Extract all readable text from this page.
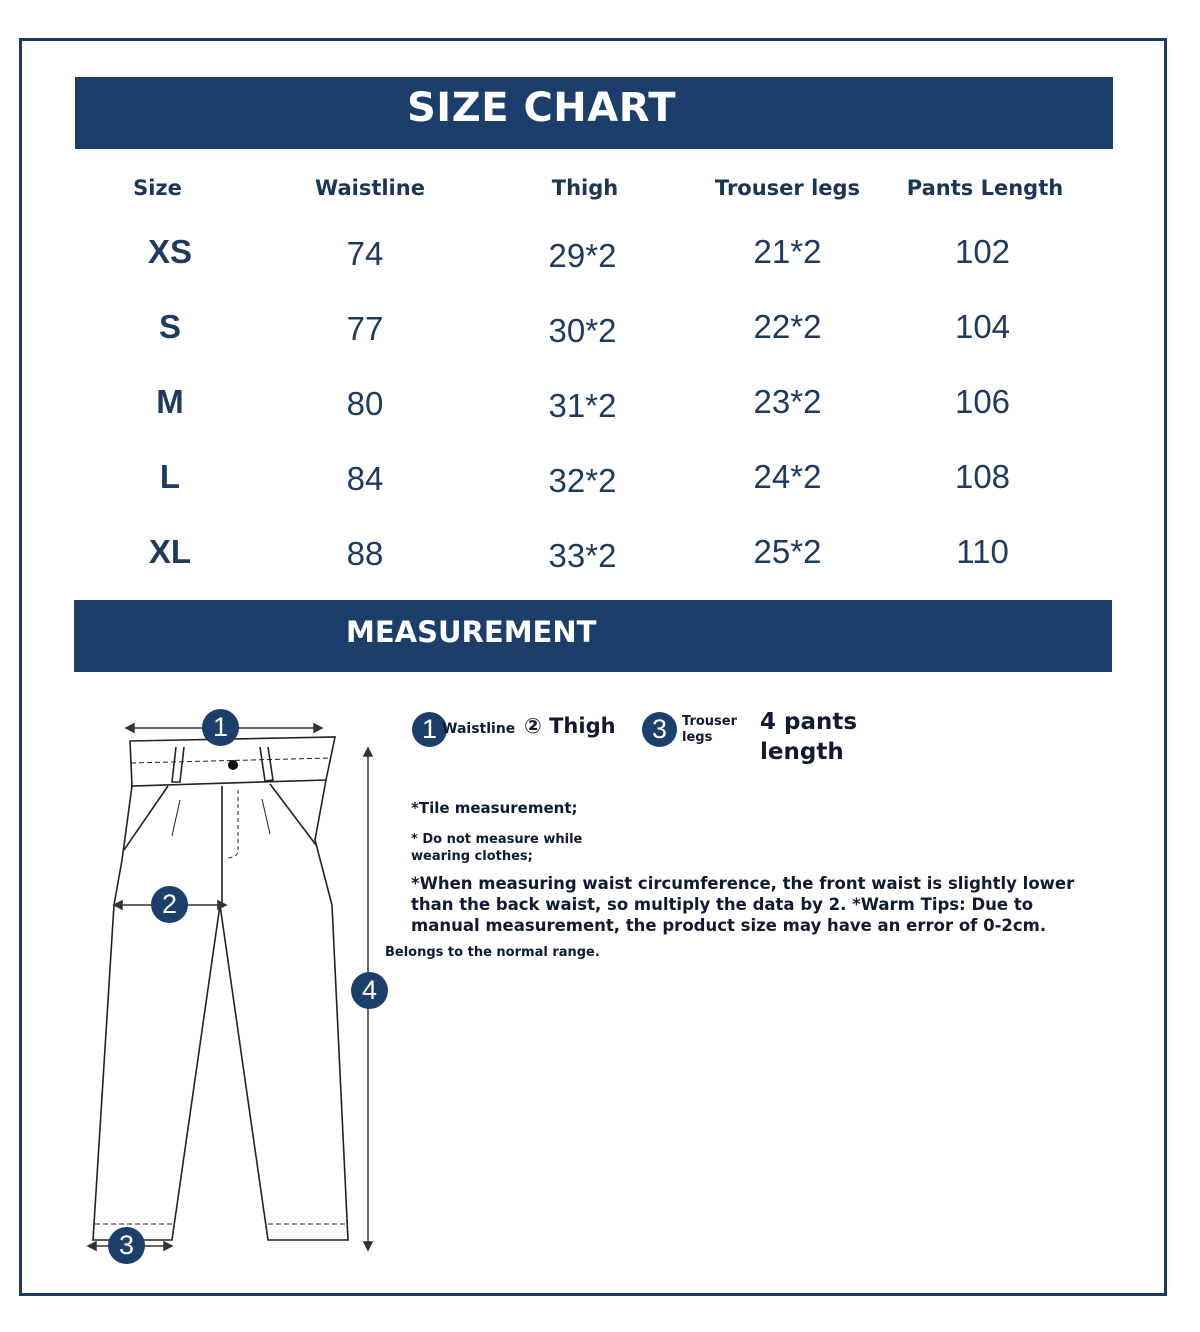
SIZE CHART
Size	Waistline	Thigh	Trouser legs	Pants Length
XS	74	29*2	21*2	102
S	77	30*2	22*2	104
M	80	31*2	23*2	106
L	84	32*2	24*2	108
XL	88	33*2	25*2	110
MEASUREMENT
1
2
3
4
1 Waistline ② Thigh	3	Trouser legs
4 pants length
*Tile measurement;
* Do not measure while wearing clothes;
*When measuring waist circumference, the front waist is slightly lower than the back waist, so multiply the data by 2. *Warm Tips: Due to manual measurement, the product size may have an error of 0-2cm.
Belongs to the normal range.
